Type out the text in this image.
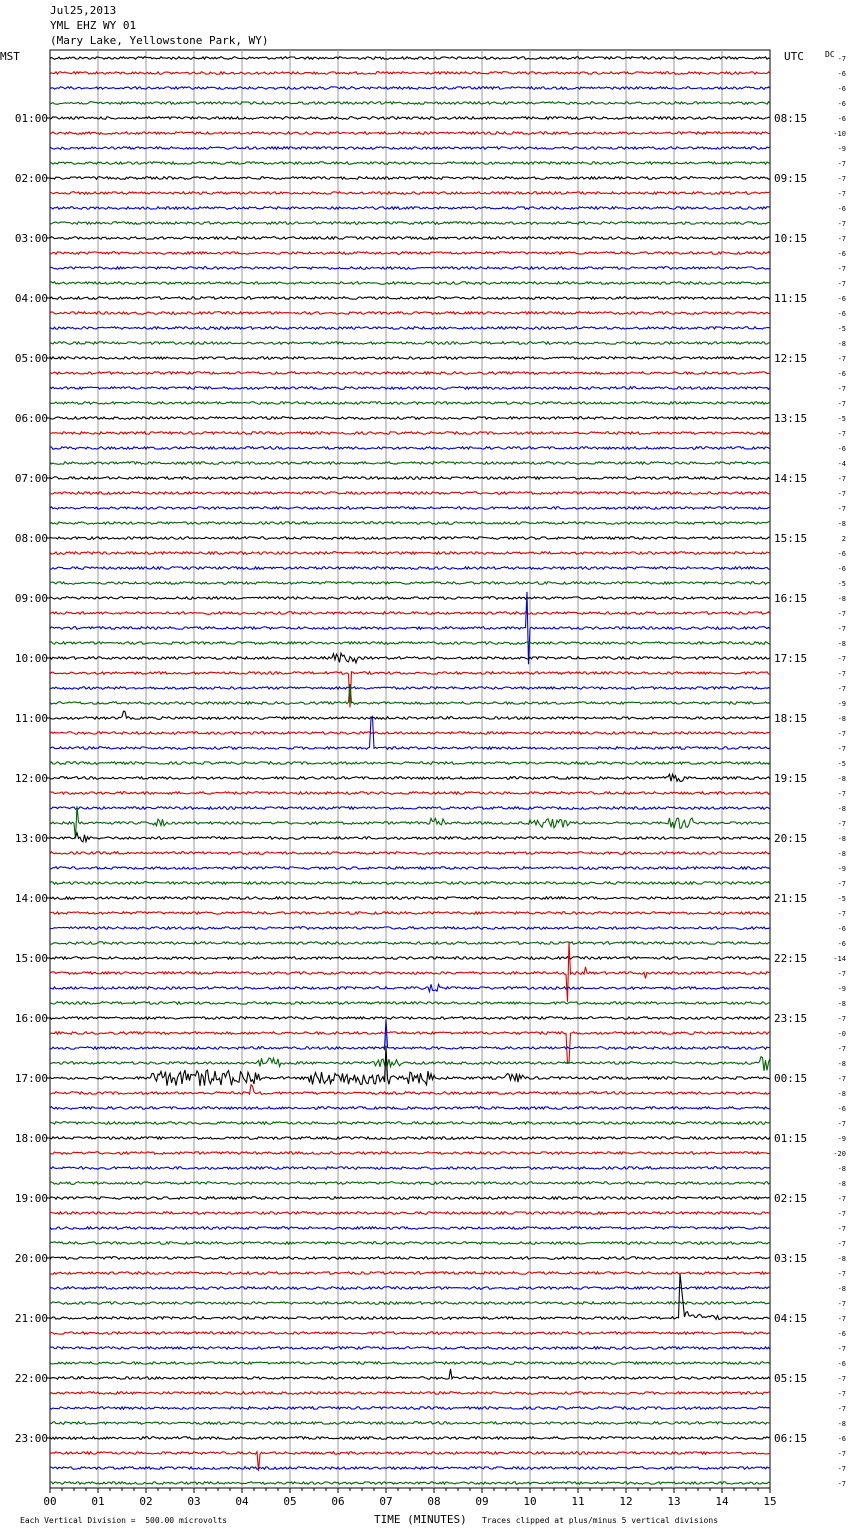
Jul25,2013
YML EHZ WY 01
(Mary Lake, Yellowstone Park, WY)
MST	UTC	DC
00	01	02	03	04	05	06	07	08	09	10	11	12	13	14	15
-7
-6
-6
-6
-6
01:00	08:15
-10
-9
-7
-7
02:00	09:15
-7
-6
-7
-7
03:00	10:15
-6
-7
-7
-6
04:00	11:15
-6
-5
-8
-7
05:00	12:15
-6
-7
-7
-5
06:00	13:15
-7
-6
-4
-7
07:00	14:15
-7
-7
-8
2
08:00	15:15
-6
-6
-5
-8
09:00	16:15
-7
-7
-8
-7
10:00	17:15
-7
-7
-9
-8
11:00	18:15
-7
-7
-5
-8
12:00	19:15
-7
-8
-7
-8
13:00	20:15
-8
-9
-7
-5
14:00	21:15
-7
-6
-6
-14
15:00	22:15
-7
-9
-8
-7
16:00	23:15
-0
-7
-8
-7
17:00	00:15
-8
-6
-7
-9
18:00	01:15
-20
-8
-8
-7
19:00	02:15
-7
-7
-7
-8
20:00	03:15
-7
-8
-7
-7
21:00	04:15
-6
-7
-6
-7
22:00	05:15
-7
-7
-8
-6
23:00	06:15
-7
-7
-7
Each Vertical Division =  500.00 microvolts	TIME (MINUTES) Traces clipped at plus/minus 5 vertical divisions
